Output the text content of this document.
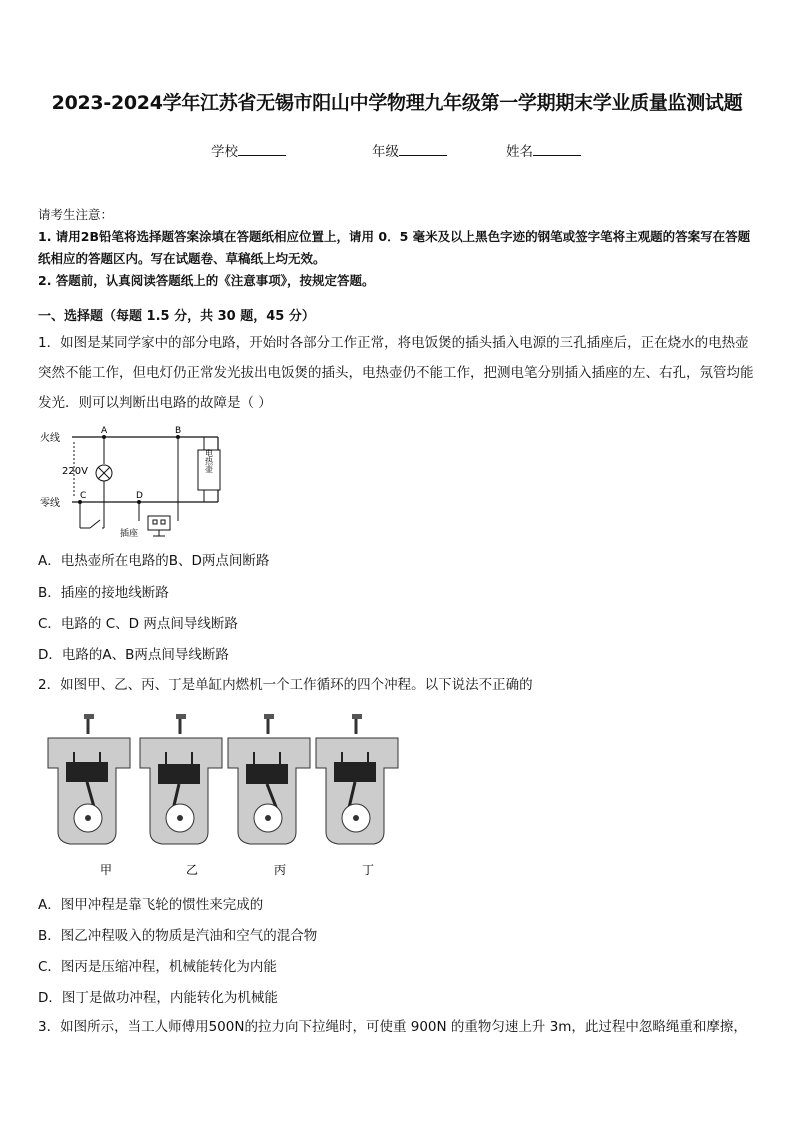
2023-2024学年江苏省无锡市阳山中学物理九年级第一学期期末学业质量监测试题
学校	年级	姓名
请考生注意：
1. 请用2B铅笔将选择题答案涂填在答题纸相应位置上，请用 0．5 毫米及以上黑色字迹的钢笔或签字笔将主观题的答案写在答题纸相应的答题区内。写在试题卷、草稿纸上均无效。
2. 答题前，认真阅读答题纸上的《注意事项》，按规定答题。
一、选择题（每题 1.5 分，共 30 题，45 分）
1．如图是某同学家中的部分电路，开始时各部分工作正常，将电饭煲的插头插入电源的三孔插座后，正在烧水的电热壶突然不能工作，但电灯仍正常发光拔出电饭煲的插头，电热壶仍不能工作，把测电笔分别插入插座的左、右孔，氖管均能发光．则可以判断出电路的故障是（ ）
火线
零线
220V
A
C	D
B
插座
电热壶
A．电热壶所在电路的B、D两点间断路
B．插座的接地线断路
C．电路的 C、D 两点间导线断路
D．电路的A、B两点间导线断路
2．如图甲、乙、丙、丁是单缸内燃机一个工作循环的四个冲程。以下说法不正确的
甲	乙	丙	丁
A．图甲冲程是靠飞轮的惯性来完成的
B．图乙冲程吸入的物质是汽油和空气的混合物
C．图丙是压缩冲程，机械能转化为内能
D．图丁是做功冲程，内能转化为机械能
3．如图所示，当工人师傅用500N的拉力向下拉绳时，可使重 900N 的重物匀速上升 3m，此过程中忽略绳重和摩擦，
